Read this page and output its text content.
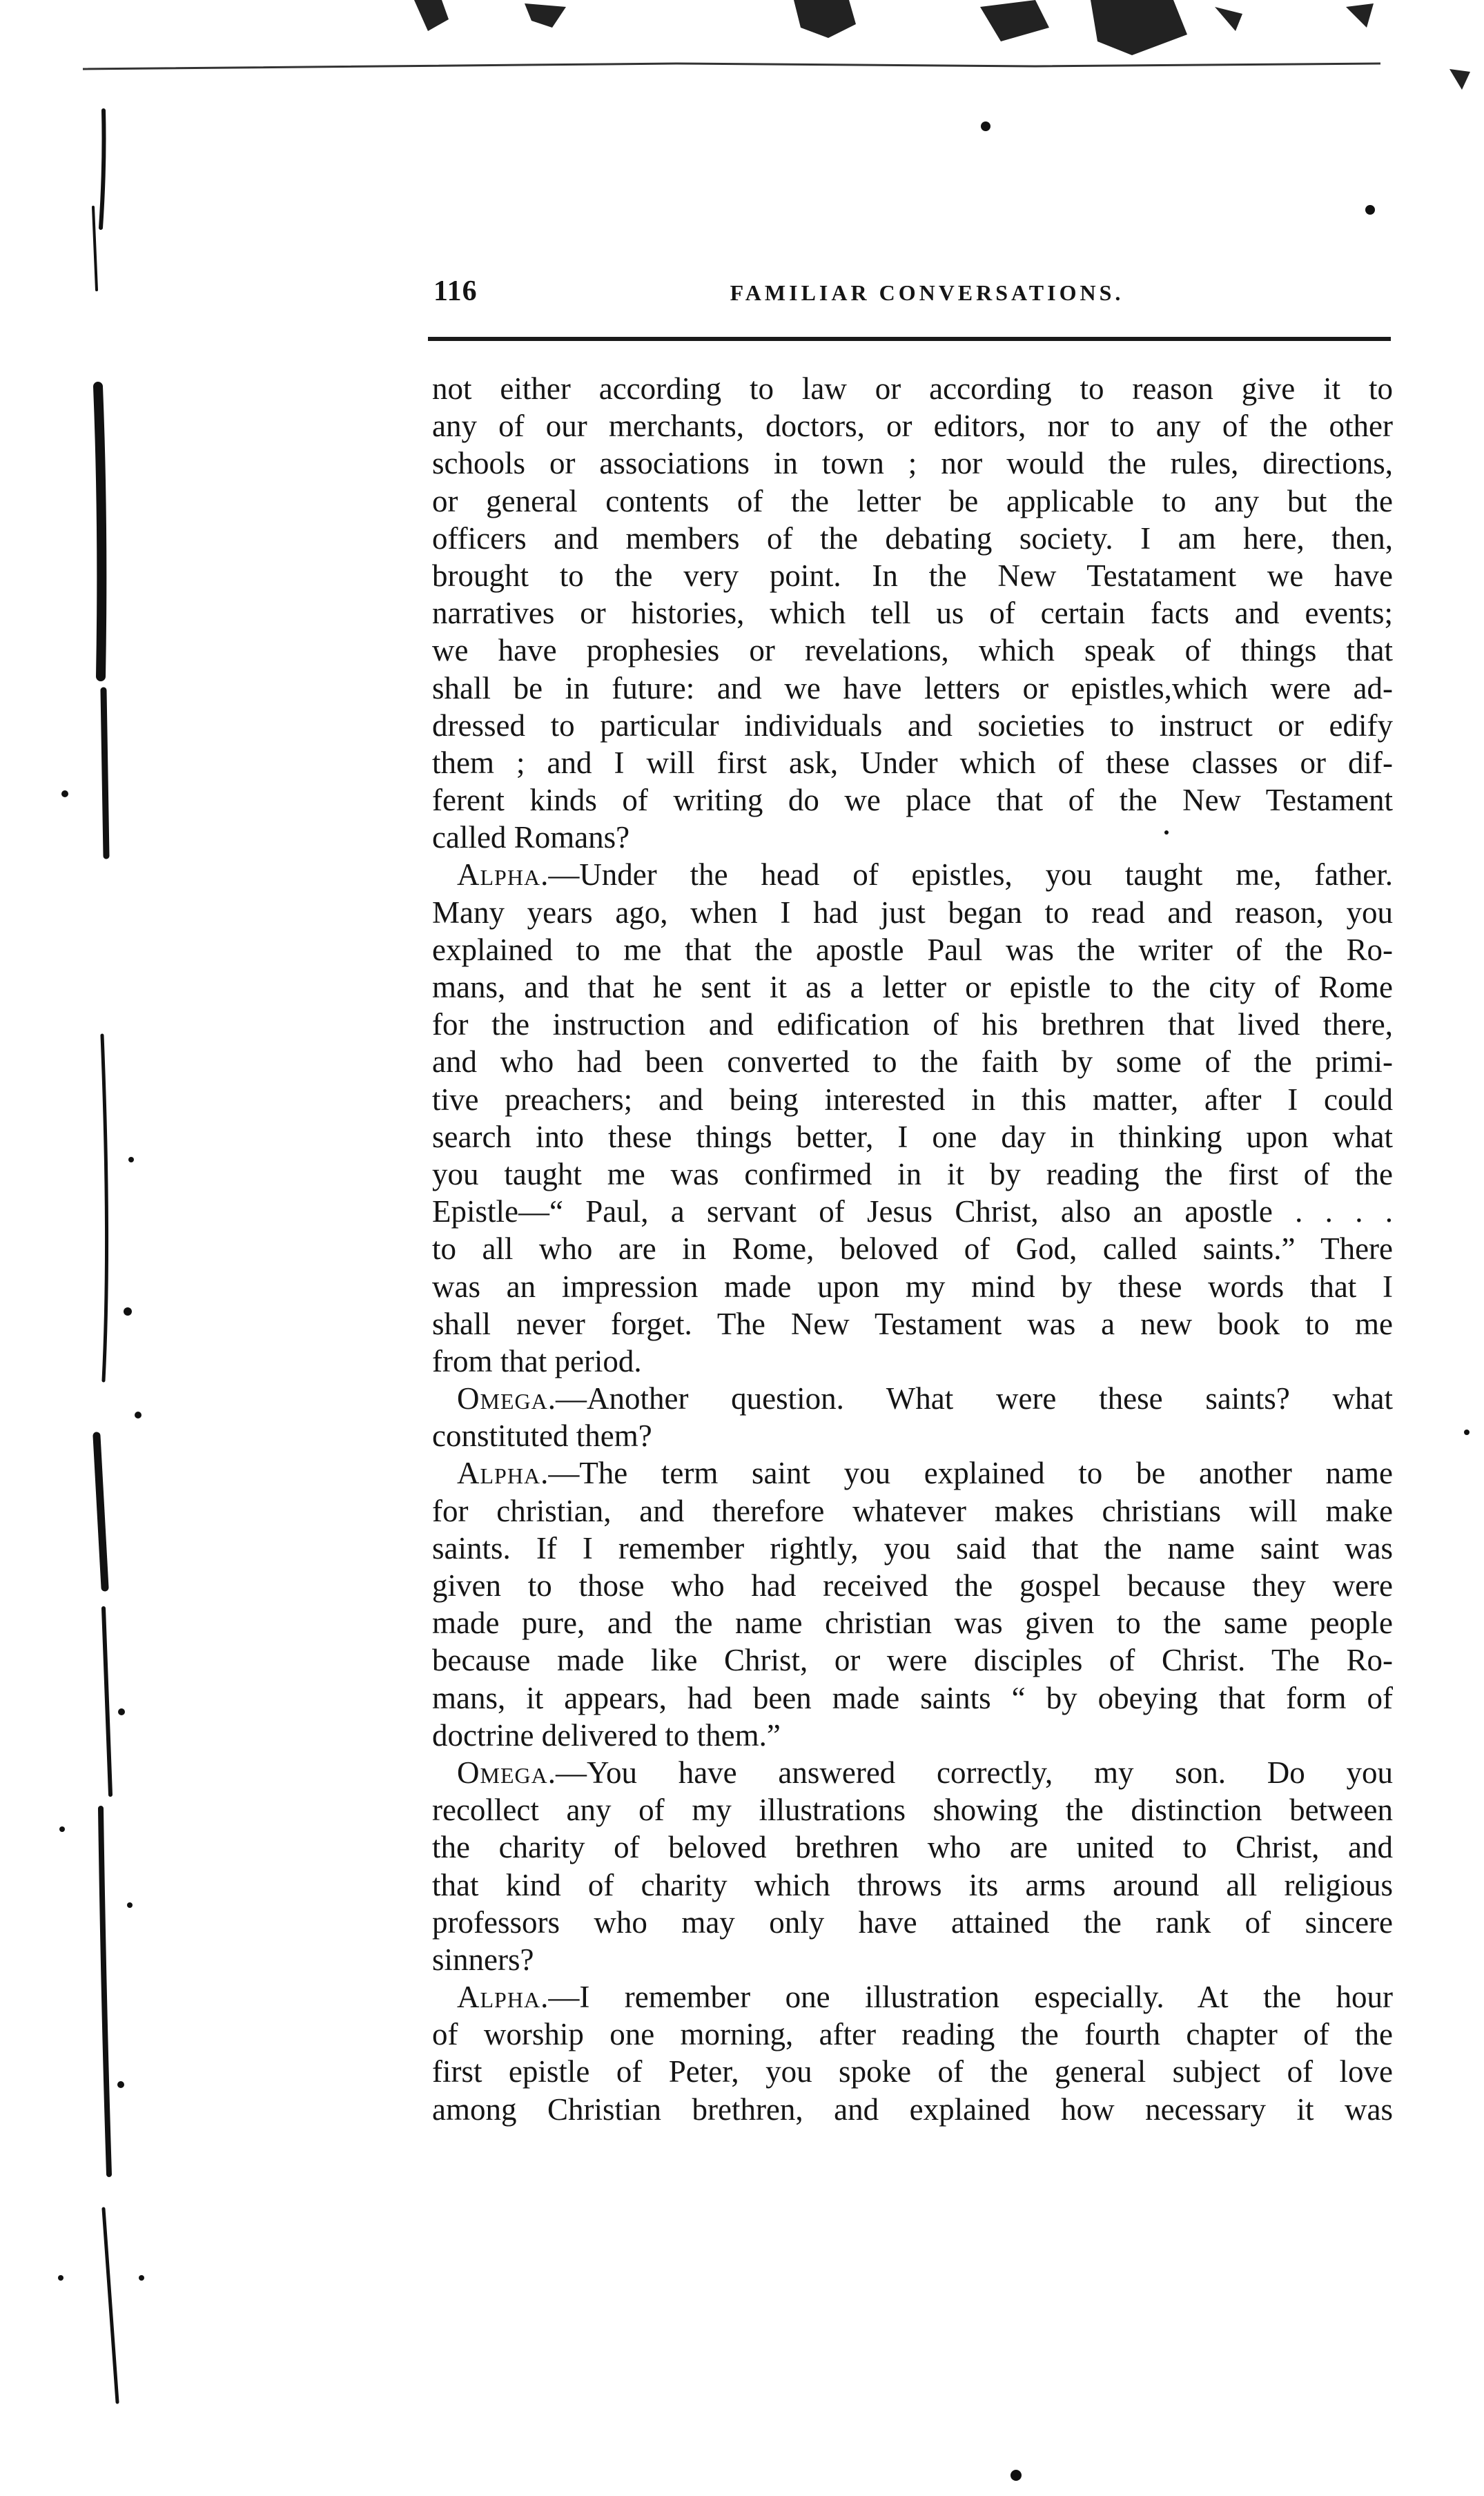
116	FAMILIAR CONVERSATIONS.
not either according to law or according to reason give it to
any of our merchants, doctors, or editors, nor to any of the other
schools or associations in town ; nor would the rules, directions,
or general contents of the letter be applicable to any but the
officers and members of the debating society. I am here, then,
brought to the very point. In the New Testatament we have
narratives or histories, which tell us of certain facts and events;
we have prophesies or revelations, which speak of things that
shall be in future: and we have letters or epistles,which were ad-
dressed to particular individuals and societies to instruct or edify
them ; and I will first ask, Under which of these classes or dif-
ferent kinds of writing do we place that of the New Testament
called Romans?
Alpha.—Under the head of epistles, you taught me, father.
Many years ago, when I had just began to read and reason, you
explained to me that the apostle Paul was the writer of the Ro-
mans, and that he sent it as a letter or epistle to the city of Rome
for the instruction and edification of his brethren that lived there,
and who had been converted to the faith by some of the primi-
tive preachers; and being interested in this matter, after I could
search into these things better, I one day in thinking upon what
you taught me was confirmed in it by reading the first of the
Epistle—“ Paul, a servant of Jesus Christ, also an apostle . . . .
to all who are in Rome, beloved of God, called saints.” There
was an impression made upon my mind by these words that I
shall never forget. The New Testament was a new book to me
from that period.
Omega.—Another question. What were these saints? what
constituted them?
Alpha.—The term saint you explained to be another name
for christian, and therefore whatever makes christians will make
saints. If I remember rightly, you said that the name saint was
given to those who had received the gospel because they were
made pure, and the name christian was given to the same people
because made like Christ, or were disciples of Christ. The Ro-
mans, it appears, had been made saints “ by obeying that form of
doctrine delivered to them.”
Omega.—You have answered correctly, my son. Do you
recollect any of my illustrations showing the distinction between
the charity of beloved brethren who are united to Christ, and
that kind of charity which throws its arms around all religious
professors who may only have attained the rank of sincere
sinners?
Alpha.—I remember one illustration especially. At the hour
of worship one morning, after reading the fourth chapter of the
first epistle of Peter, you spoke of the general subject of love
among Christian brethren, and explained how necessary it was
